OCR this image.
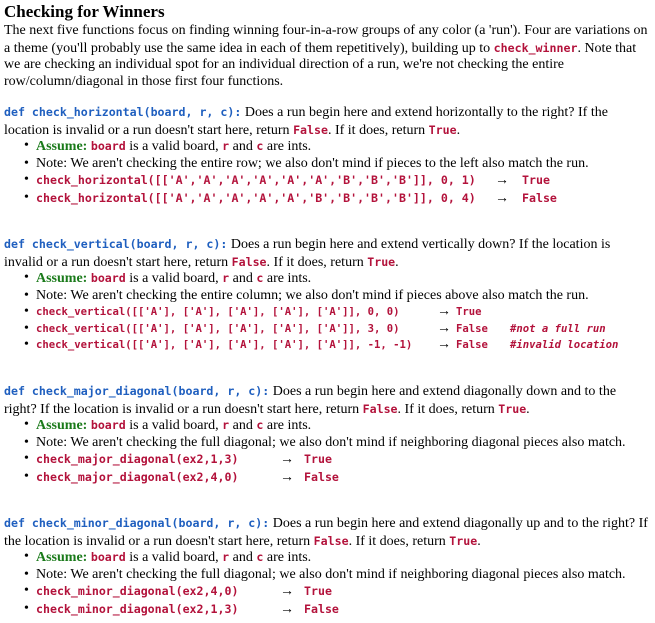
Checking for Winners

The next five functions focus on finding winning four-in-a-row groups of any color (a 'run'). Four are variations on a theme (you'll probably use the same idea in each of them repetitively), building up to check_winner. Note that we are checking an individual spot for an individual direction of a run, we're not checking the entire row/column/diagonal in those first four functions.

def check_horizontal(board, r, c): Does a run begin here and extend horizontally to the right? If the location is invalid or a run doesn't start here, return False. If it does, return True.

• Assume: board is a valid board, r and c are ints.
• Note: We aren't checking the entire row; we also don't mind if pieces to the left also match the run.
• check_horizontal([['A','A','A','A','A','A','B','B','B']], 0, 1) → True
• check_horizontal([['A','A','A','A','A','B','B','B','B']], 0, 4) → False

def check_vertical(board, r, c): Does a run begin here and extend vertically down? If the location is invalid or a run doesn't start here, return False. If it does, return True.

• Assume: board is a valid board, r and c are ints.
• Note: We aren't checking the entire column; we also don't mind if pieces above also match the run.
• check_vertical([['A'], ['A'], ['A'], ['A'], ['A']], 0, 0)	→ True
• check_vertical([['A'], ['A'], ['A'], ['A'], ['A']], 3, 0)	→ False #not a full run
• check_vertical([['A'], ['A'], ['A'], ['A'], ['A']], -1, -1) → False #invalid location

def check_major_diagonal(board, r, c): Does a run begin here and extend diagonally down and to the right? If the location is invalid or a run doesn't start here, return False. If it does, return True.

• Assume: board is a valid board, r and c are ints.
• Note: We aren't checking the full diagonal; we also don't mind if neighboring diagonal pieces also match.
• check_major_diagonal(ex2,1,3)	→ True
• check_major_diagonal(ex2,4,0)	→ False

def check_minor_diagonal(board, r, c): Does a run begin here and extend diagonally up and to the right? If the location is invalid or a run doesn't start here, return False. If it does, return True.

• Assume: board is a valid board, r and c are ints.
• Note: We aren't checking the full diagonal; we also don't mind if neighboring diagonal pieces also match.
• check_minor_diagonal(ex2,4,0)	→ True
• check_minor_diagonal(ex2,1,3)	→ False
